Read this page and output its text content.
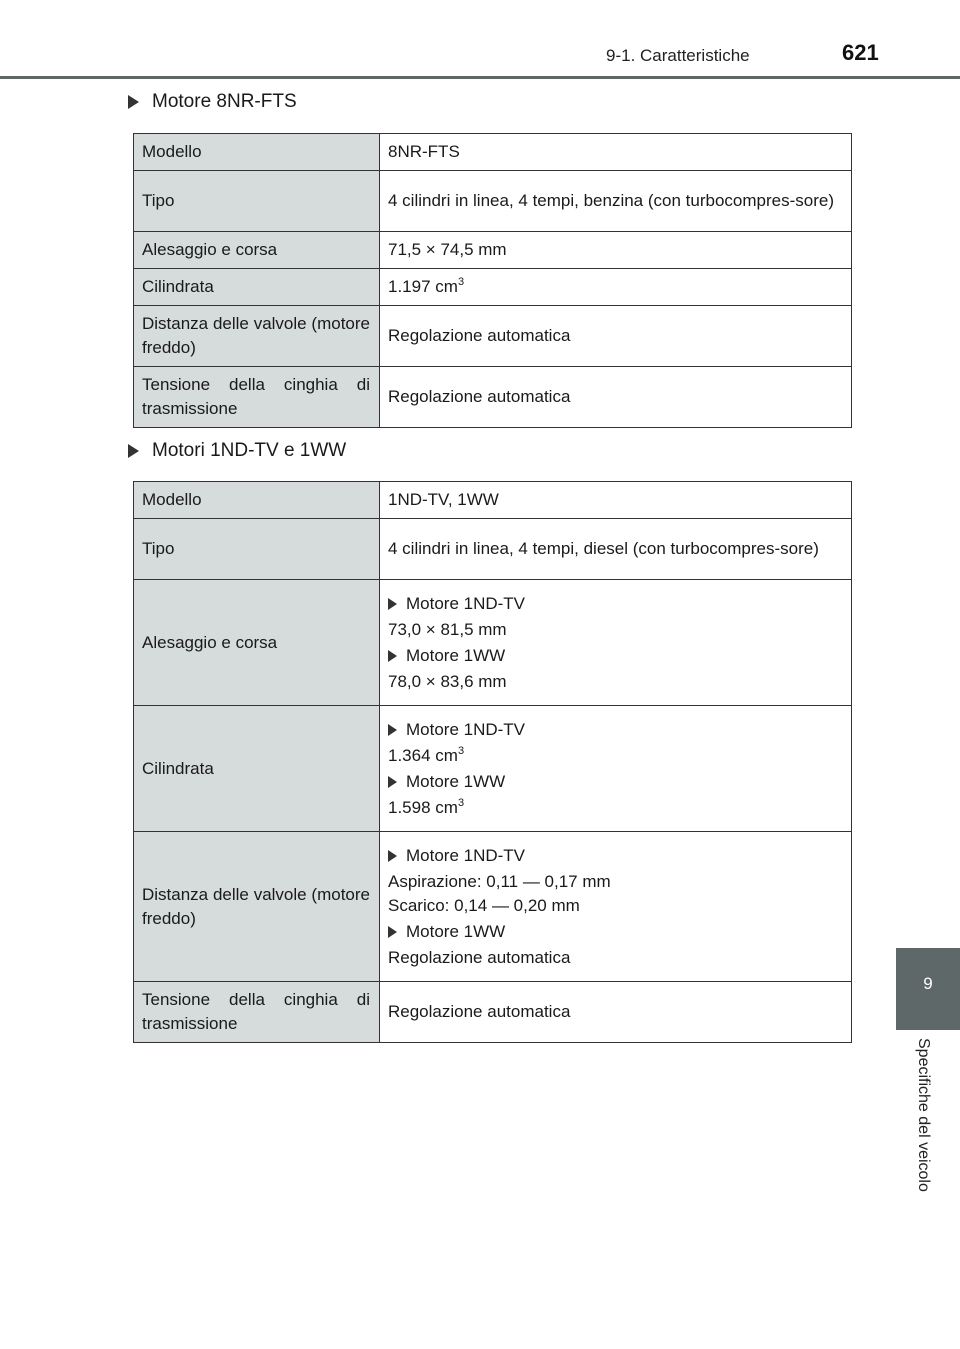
9-1. Caratteristiche	621
9
Specifiche del veicolo
Motore 8NR-FTS
Modello	8NR-FTS
Tipo	4 cilindri in linea, 4 tempi, benzina (con turbocompres-sore)
Alesaggio e corsa	71,5 × 74,5 mm
Cilindrata	1.197 $cm^3$
Distanza delle valvole (motore freddo)	Regolazione automatica
Tensione della cinghia di trasmissione	Regolazione automatica
Motori 1ND-TV e 1WW
Modello	1ND-TV, 1WW
Tipo	4 cilindri in linea, 4 tempi, diesel (con turbocompres-sore)
Alesaggio e corsa	Motore 1ND-TV
73,0 × 81,5 mm
Motore 1WW
78,0 × 83,6 mm

Cilindrata	Motore 1ND-TV
1.364 $cm^3$
Motore 1WW
1.598 $cm^3$

Distanza delle valvole (motore freddo)	Motore 1ND-TV
Aspirazione: 0,11 — 0,17 mm
Scarico: 0,14 — 0,20 mm
Motore 1WW
Regolazione automatica

Tensione della cinghia di trasmissione	Regolazione automatica
